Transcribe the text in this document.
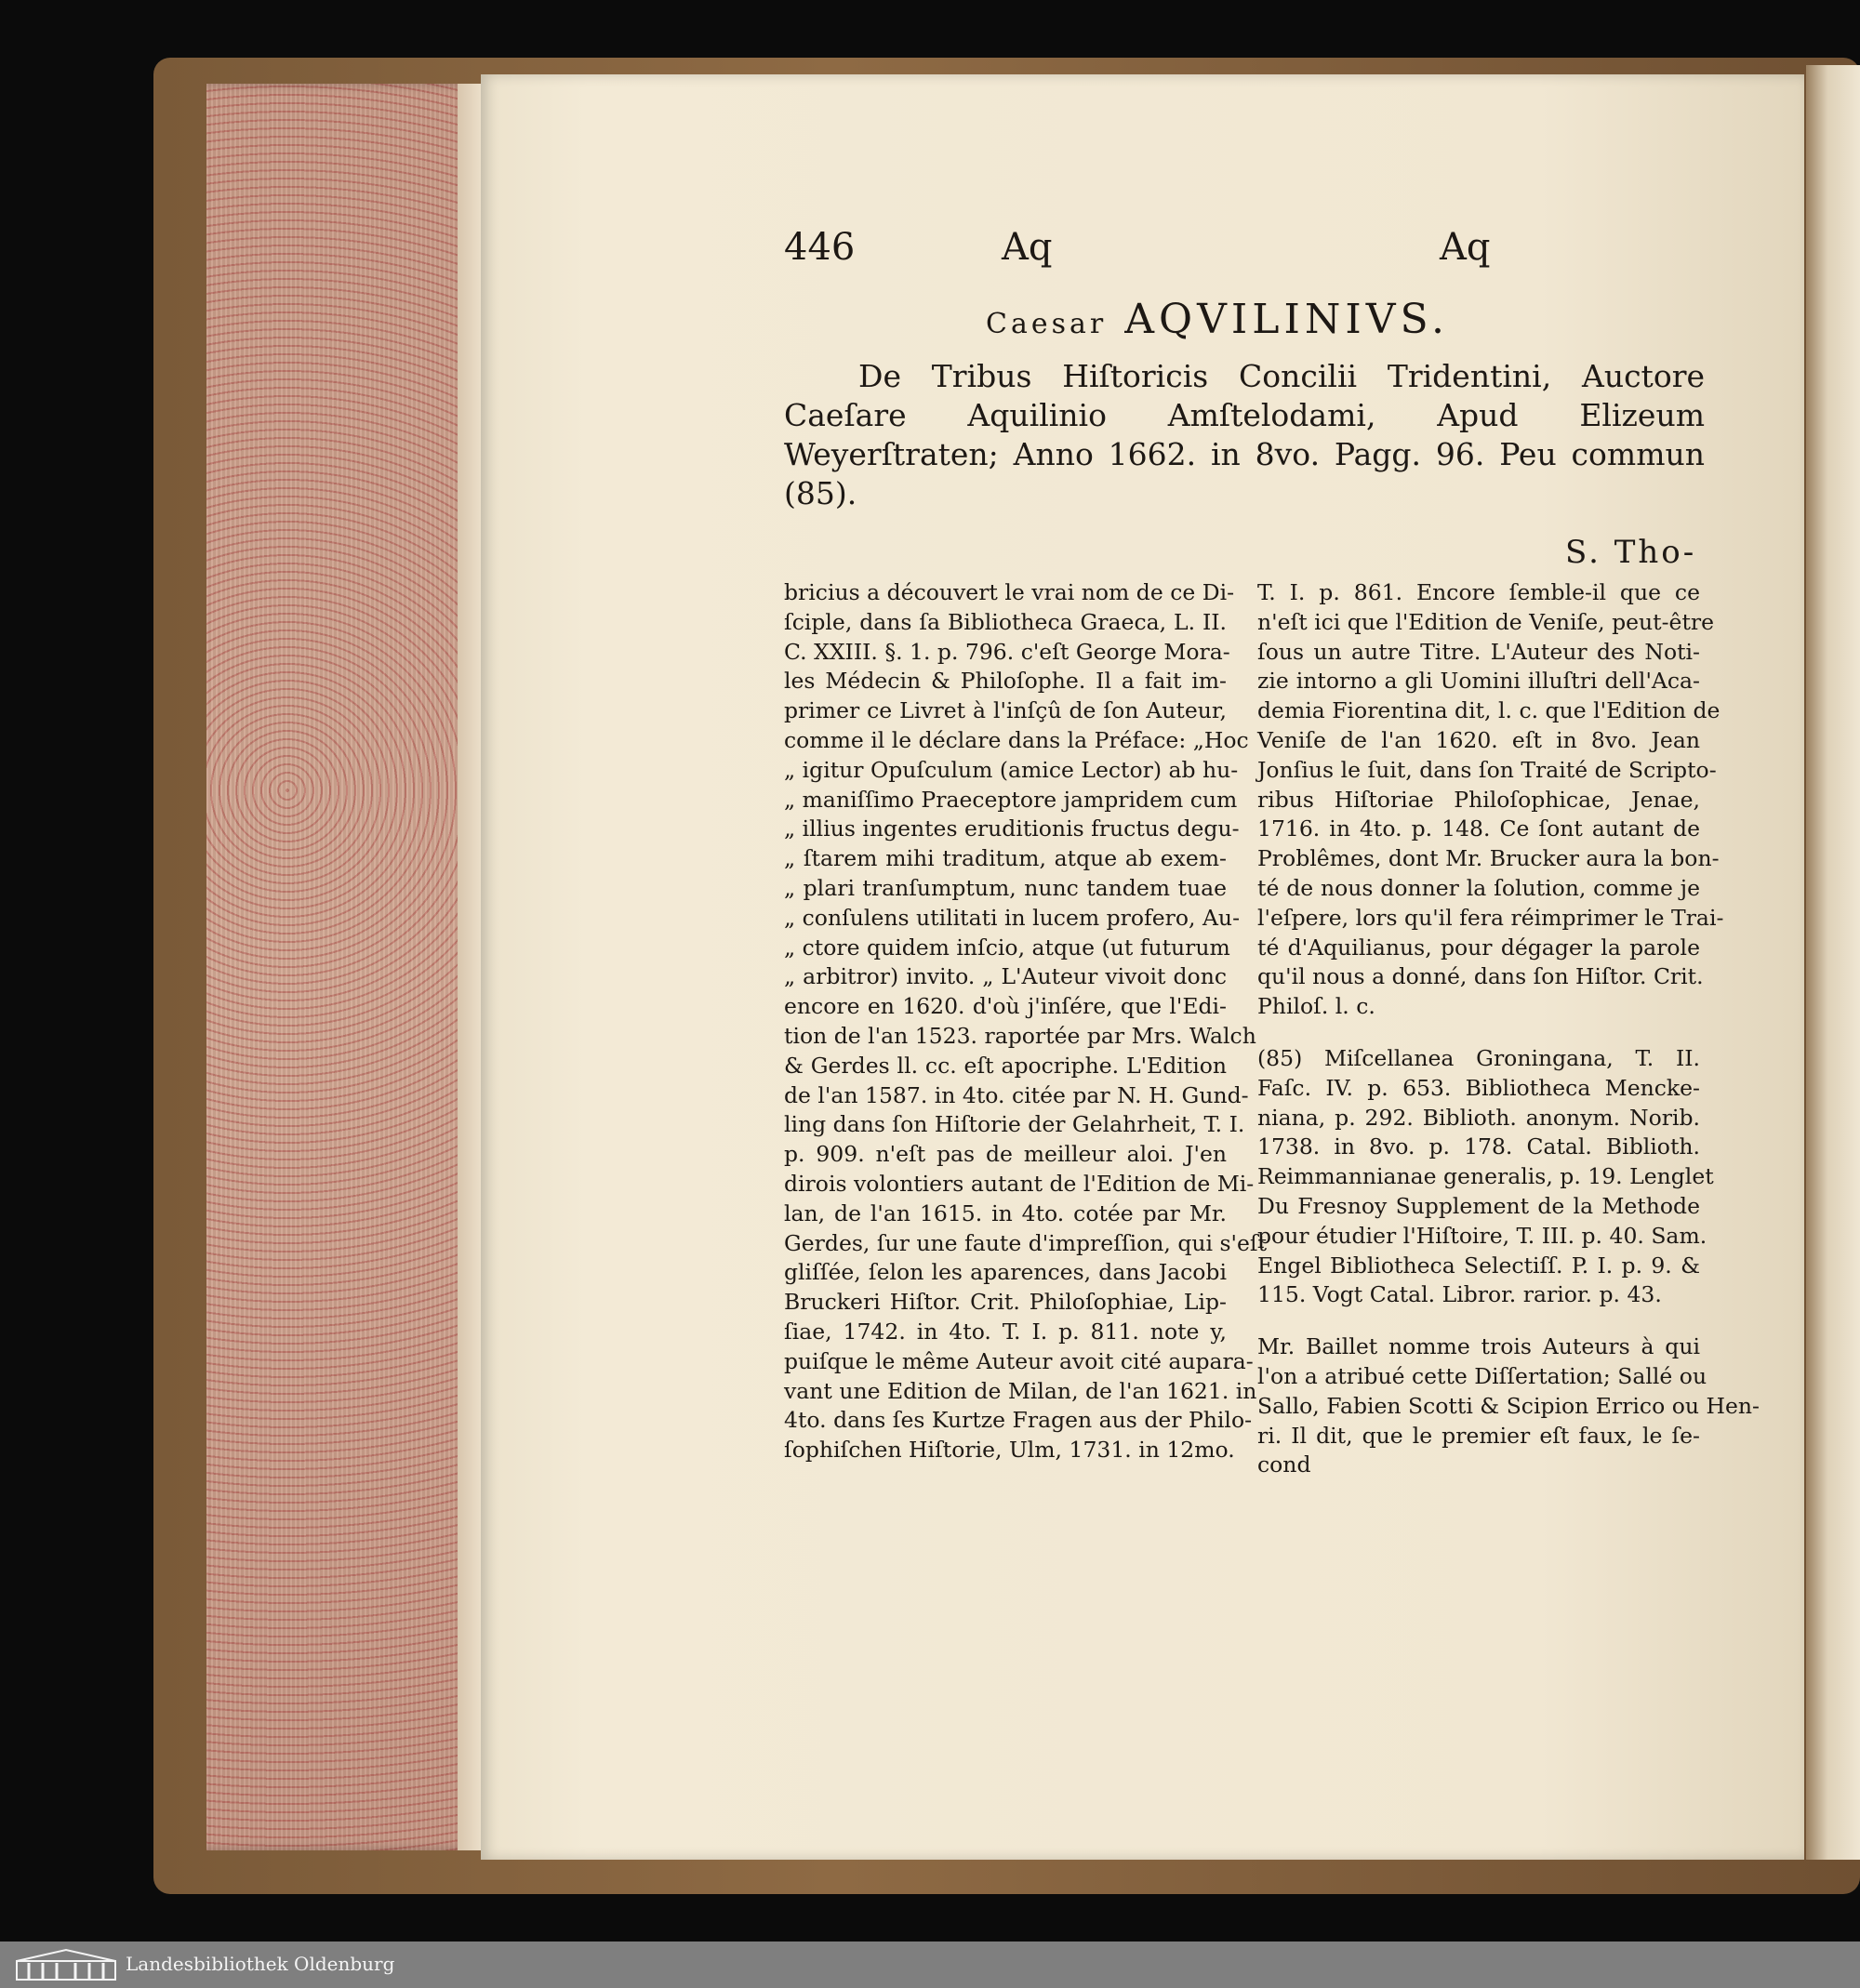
446	Aq	Aq
Caesar AQVILINIVS.
De Tribus Hiſtoricis Concilii Tridentini, Auctore Caeſare Aquilinio Amſtelodami, Apud Elizeum Weyerſtraten; Anno 1662. in 8vo. Pagg. 96. Peu commun (85).
S. Tho-
bricius a découvert le vrai nom de ce Di-
ſciple, dans ſa Bibliotheca Graeca, L. II.
C. XXIII. §. 1. p. 796. c'eſt George Mora-
les Médecin & Philoſophe. Il a fait im-
primer ce Livret à l'inſçû de ſon Auteur,
comme il le déclare dans la Préface: „Hoc
„ igitur Opuſculum (amice Lector) ab hu-
„ maniſſimo Praeceptore jampridem cum
„ illius ingentes eruditionis fructus degu-
„ ſtarem mihi traditum, atque ab exem-
„ plari tranſumptum, nunc tandem tuae
„ conſulens utilitati in lucem profero, Au-
„ ctore quidem inſcio, atque (ut futurum
„ arbitror) invito. „ L'Auteur vivoit donc
encore en 1620. d'où j'inſére, que l'Edi-
tion de l'an 1523. raportée par Mrs. Walch
& Gerdes ll. cc. eſt apocriphe. L'Edition
de l'an 1587. in 4to. citée par N. H. Gund-
ling dans ſon Hiſtorie der Gelahrheit, T. I.
p. 909. n'eſt pas de meilleur aloi. J'en
dirois volontiers autant de l'Edition de Mi-
lan, de l'an 1615. in 4to. cotée par Mr.
Gerdes, ſur une faute d'impreſſion, qui s'eſt
gliſſée, ſelon les aparences, dans Jacobi
Bruckeri Hiſtor. Crit. Philoſophiae, Lip-
ſiae, 1742. in 4to. T. I. p. 811. note y,
puiſque le même Auteur avoit cité aupara-
vant une Edition de Milan, de l'an 1621. in
4to. dans ſes Kurtze Fragen aus der Philo-
ſophiſchen Hiſtorie, Ulm, 1731. in 12mo.
T. I. p. 861. Encore ſemble-il que ce
n'eſt ici que l'Edition de Veniſe, peut-être
ſous un autre Titre. L'Auteur des Noti-
zie intorno a gli Uomini illuſtri dell'Aca-
demia Fiorentina dit, l. c. que l'Edition de
Veniſe de l'an 1620. eſt in 8vo. Jean
Jonſius le ſuit, dans ſon Traité de Scripto-
ribus Hiſtoriae Philoſophicae, Jenae,
1716. in 4to. p. 148. Ce ſont autant de
Problêmes, dont Mr. Brucker aura la bon-
té de nous donner la ſolution, comme je
l'eſpere, lors qu'il fera réimprimer le Trai-
té d'Aquilianus, pour dégager la parole
qu'il nous a donné, dans ſon Hiſtor. Crit.
Philoſ. l. c.
(85) Miſcellanea Groningana, T. II.
Faſc. IV. p. 653. Bibliotheca Mencke-
niana, p. 292. Biblioth. anonym. Norib.
1738. in 8vo. p. 178. Catal. Biblioth.
Reimmannianae generalis, p. 19. Lenglet
Du Fresnoy Supplement de la Methode
pour étudier l'Hiſtoire, T. III. p. 40. Sam.
Engel Bibliotheca Selectiſſ. P. I. p. 9. &
115. Vogt Catal. Libror. rarior. p. 43.
Mr. Baillet nomme trois Auteurs à qui
l'on a atribué cette Diſſertation; Sallé ou
Sallo, Fabien Scotti & Scipion Errico ou Hen-
ri. Il dit, que le premier eſt faux, le ſe-
cond
Landesbibliothek Oldenburg
